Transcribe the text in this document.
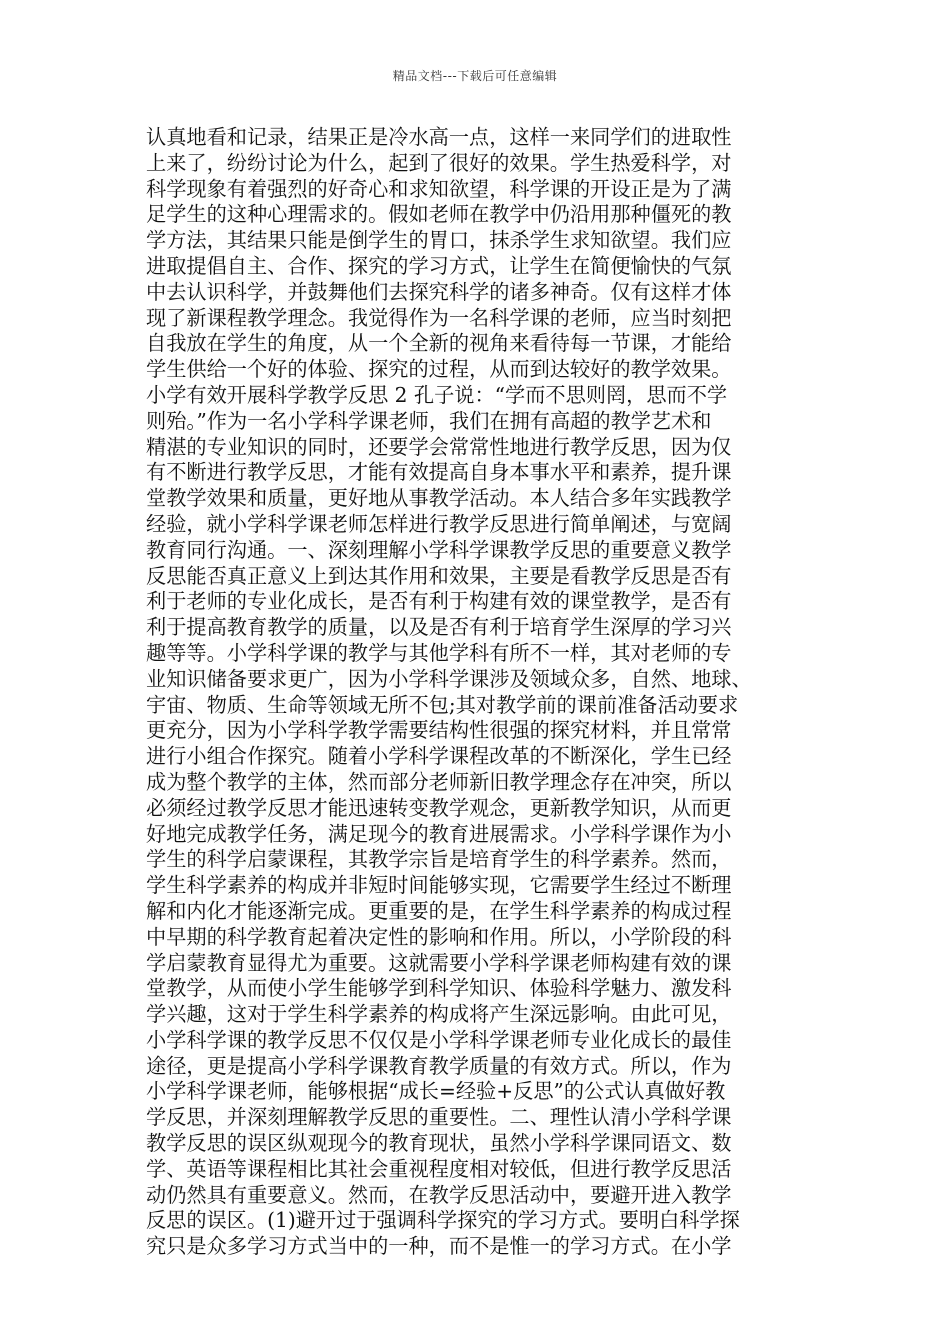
精品文档---下载后可任意编辑
认真地看和记录，结果正是冷水高一点，这样一来同学们的进取性
上来了，纷纷讨论为什么，起到了很好的效果。学生热爱科学，对
科学现象有着强烈的好奇心和求知欲望，科学课的开设正是为了满
足学生的这种心理需求的。假如老师在教学中仍沿用那种僵死的教
学方法，其结果只能是倒学生的胃口，抹杀学生求知欲望。我们应
进取提倡自主、合作、探究的学习方式，让学生在简便愉快的气氛
中去认识科学，并鼓舞他们去探究科学的诸多神奇。仅有这样才体
现了新课程教学理念。我觉得作为一名科学课的老师，应当时刻把
自我放在学生的角度，从一个全新的视角来看待每一节课，才能给
学生供给一个好的体验、探究的过程，从而到达较好的教学效果。
小学有效开展科学教学反思 2 孔子说：“学而不思则罔，思而不学
则殆。”作为一名小学科学课老师，我们在拥有高超的教学艺术和
精湛的专业知识的同时，还要学会常常性地进行教学反思，因为仅
有不断进行教学反思，才能有效提高自身本事水平和素养，提升课
堂教学效果和质量，更好地从事教学活动。本人结合多年实践教学
经验，就小学科学课老师怎样进行教学反思进行简单阐述，与宽阔
教育同行沟通。一、深刻理解小学科学课教学反思的重要意义教学
反思能否真正意义上到达其作用和效果，主要是看教学反思是否有
利于老师的专业化成长，是否有利于构建有效的课堂教学，是否有
利于提高教育教学的质量，以及是否有利于培育学生深厚的学习兴
趣等等。小学科学课的教学与其他学科有所不一样，其对老师的专
业知识储备要求更广，因为小学科学课涉及领域众多，自然、地球、
宇宙、物质、生命等领域无所不包;其对教学前的课前准备活动要求
更充分，因为小学科学教学需要结构性很强的探究材料，并且常常
进行小组合作探究。随着小学科学课程改革的不断深化，学生已经
成为整个教学的主体，然而部分老师新旧教学理念存在冲突，所以
必须经过教学反思才能迅速转变教学观念，更新教学知识，从而更
好地完成教学任务，满足现今的教育进展需求。小学科学课作为小
学生的科学启蒙课程，其教学宗旨是培育学生的科学素养。然而，
学生科学素养的构成并非短时间能够实现，它需要学生经过不断理
解和内化才能逐渐完成。更重要的是，在学生科学素养的构成过程
中早期的科学教育起着决定性的影响和作用。所以，小学阶段的科
学启蒙教育显得尤为重要。这就需要小学科学课老师构建有效的课
堂教学，从而使小学生能够学到科学知识、体验科学魅力、激发科
学兴趣，这对于学生科学素养的构成将产生深远影响。由此可见，
小学科学课的教学反思不仅仅是小学科学课老师专业化成长的最佳
途径，更是提高小学科学课教育教学质量的有效方式。所以，作为
小学科学课老师，能够根据“成长=经验+反思”的公式认真做好教
学反思，并深刻理解教学反思的重要性。二、理性认清小学科学课
教学反思的误区纵观现今的教育现状，虽然小学科学课同语文、数
学、英语等课程相比其社会重视程度相对较低，但进行教学反思活
动仍然具有重要意义。然而，在教学反思活动中，要避开进入教学
反思的误区。(1)避开过于强调科学探究的学习方式。要明白科学探
究只是众多学习方式当中的一种，而不是惟一的学习方式。在小学
